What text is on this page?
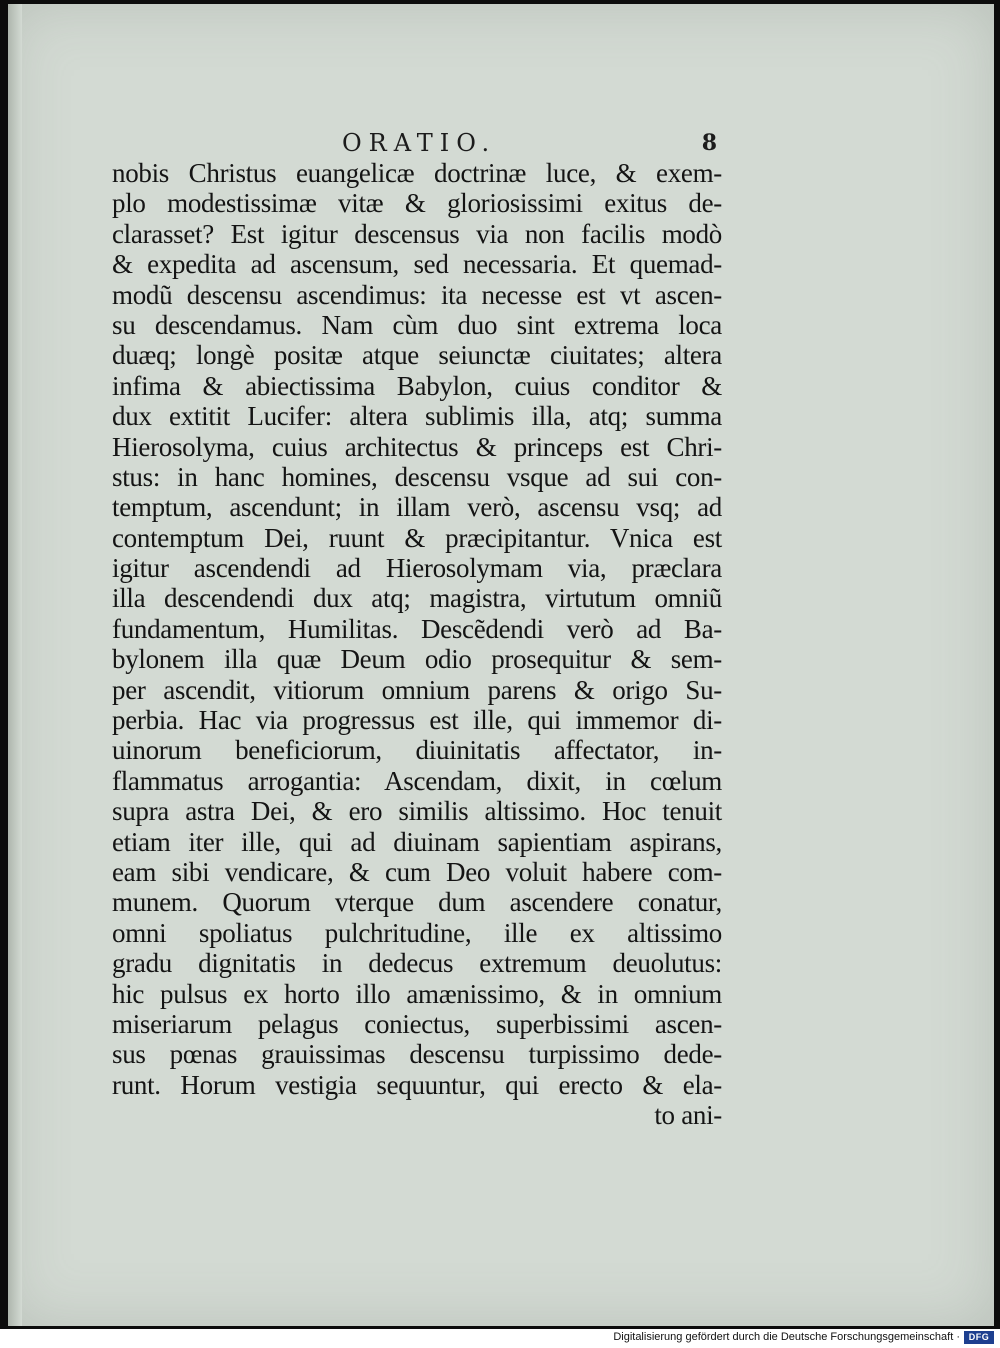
ORATIO.	8
nobis Christus euangelicæ doctrinæ luce, & exem-
plo modestissimæ vitæ & gloriosissimi exitus de-
clarasset? Est igitur descensus via non facilis modò
& expedita ad ascensum, sed necessaria. Et quemad-
modũ descensu ascendimus: ita necesse est vt ascen-
su descendamus. Nam cùm duo sint extrema loca
duæq; longè positæ atque seiunctæ ciuitates; altera
infima & abiectissima Babylon, cuius conditor &
dux extitit Lucifer: altera sublimis illa, atq; summa
Hierosolyma, cuius architectus & princeps est Chri-
stus: in hanc homines, descensu vsque ad sui con-
temptum, ascendunt; in illam verò, ascensu vsq; ad
contemptum Dei, ruunt & præcipitantur. Vnica est
igitur ascendendi ad Hierosolymam via, præclara
illa descendendi dux atq; magistra, virtutum omniũ
fundamentum, Humilitas. Descẽdendi verò ad Ba-
bylonem illa quæ Deum odio prosequitur & sem-
per ascendit, vitiorum omnium parens & origo Su-
perbia. Hac via progressus est ille, qui immemor di-
uinorum beneficiorum, diuinitatis affectator, in-
flammatus arrogantia: Ascendam, dixit, in cœlum
supra astra Dei, & ero similis altissimo. Hoc tenuit
etiam iter ille, qui ad diuinam sapientiam aspirans,
eam sibi vendicare, & cum Deo voluit habere com-
munem. Quorum vterque dum ascendere conatur,
omni spoliatus pulchritudine, ille ex altissimo
gradu dignitatis in dedecus extremum deuolutus:
hic pulsus ex horto illo amænissimo, & in omnium
miseriarum pelagus coniectus, superbissimi ascen-
sus pœnas grauissimas descensu turpissimo dede-
runt. Horum vestigia sequuntur, qui erecto & ela-
to ani-
Digitalisierung gefördert durch die Deutsche Forschungsgemeinschaft · DFG
